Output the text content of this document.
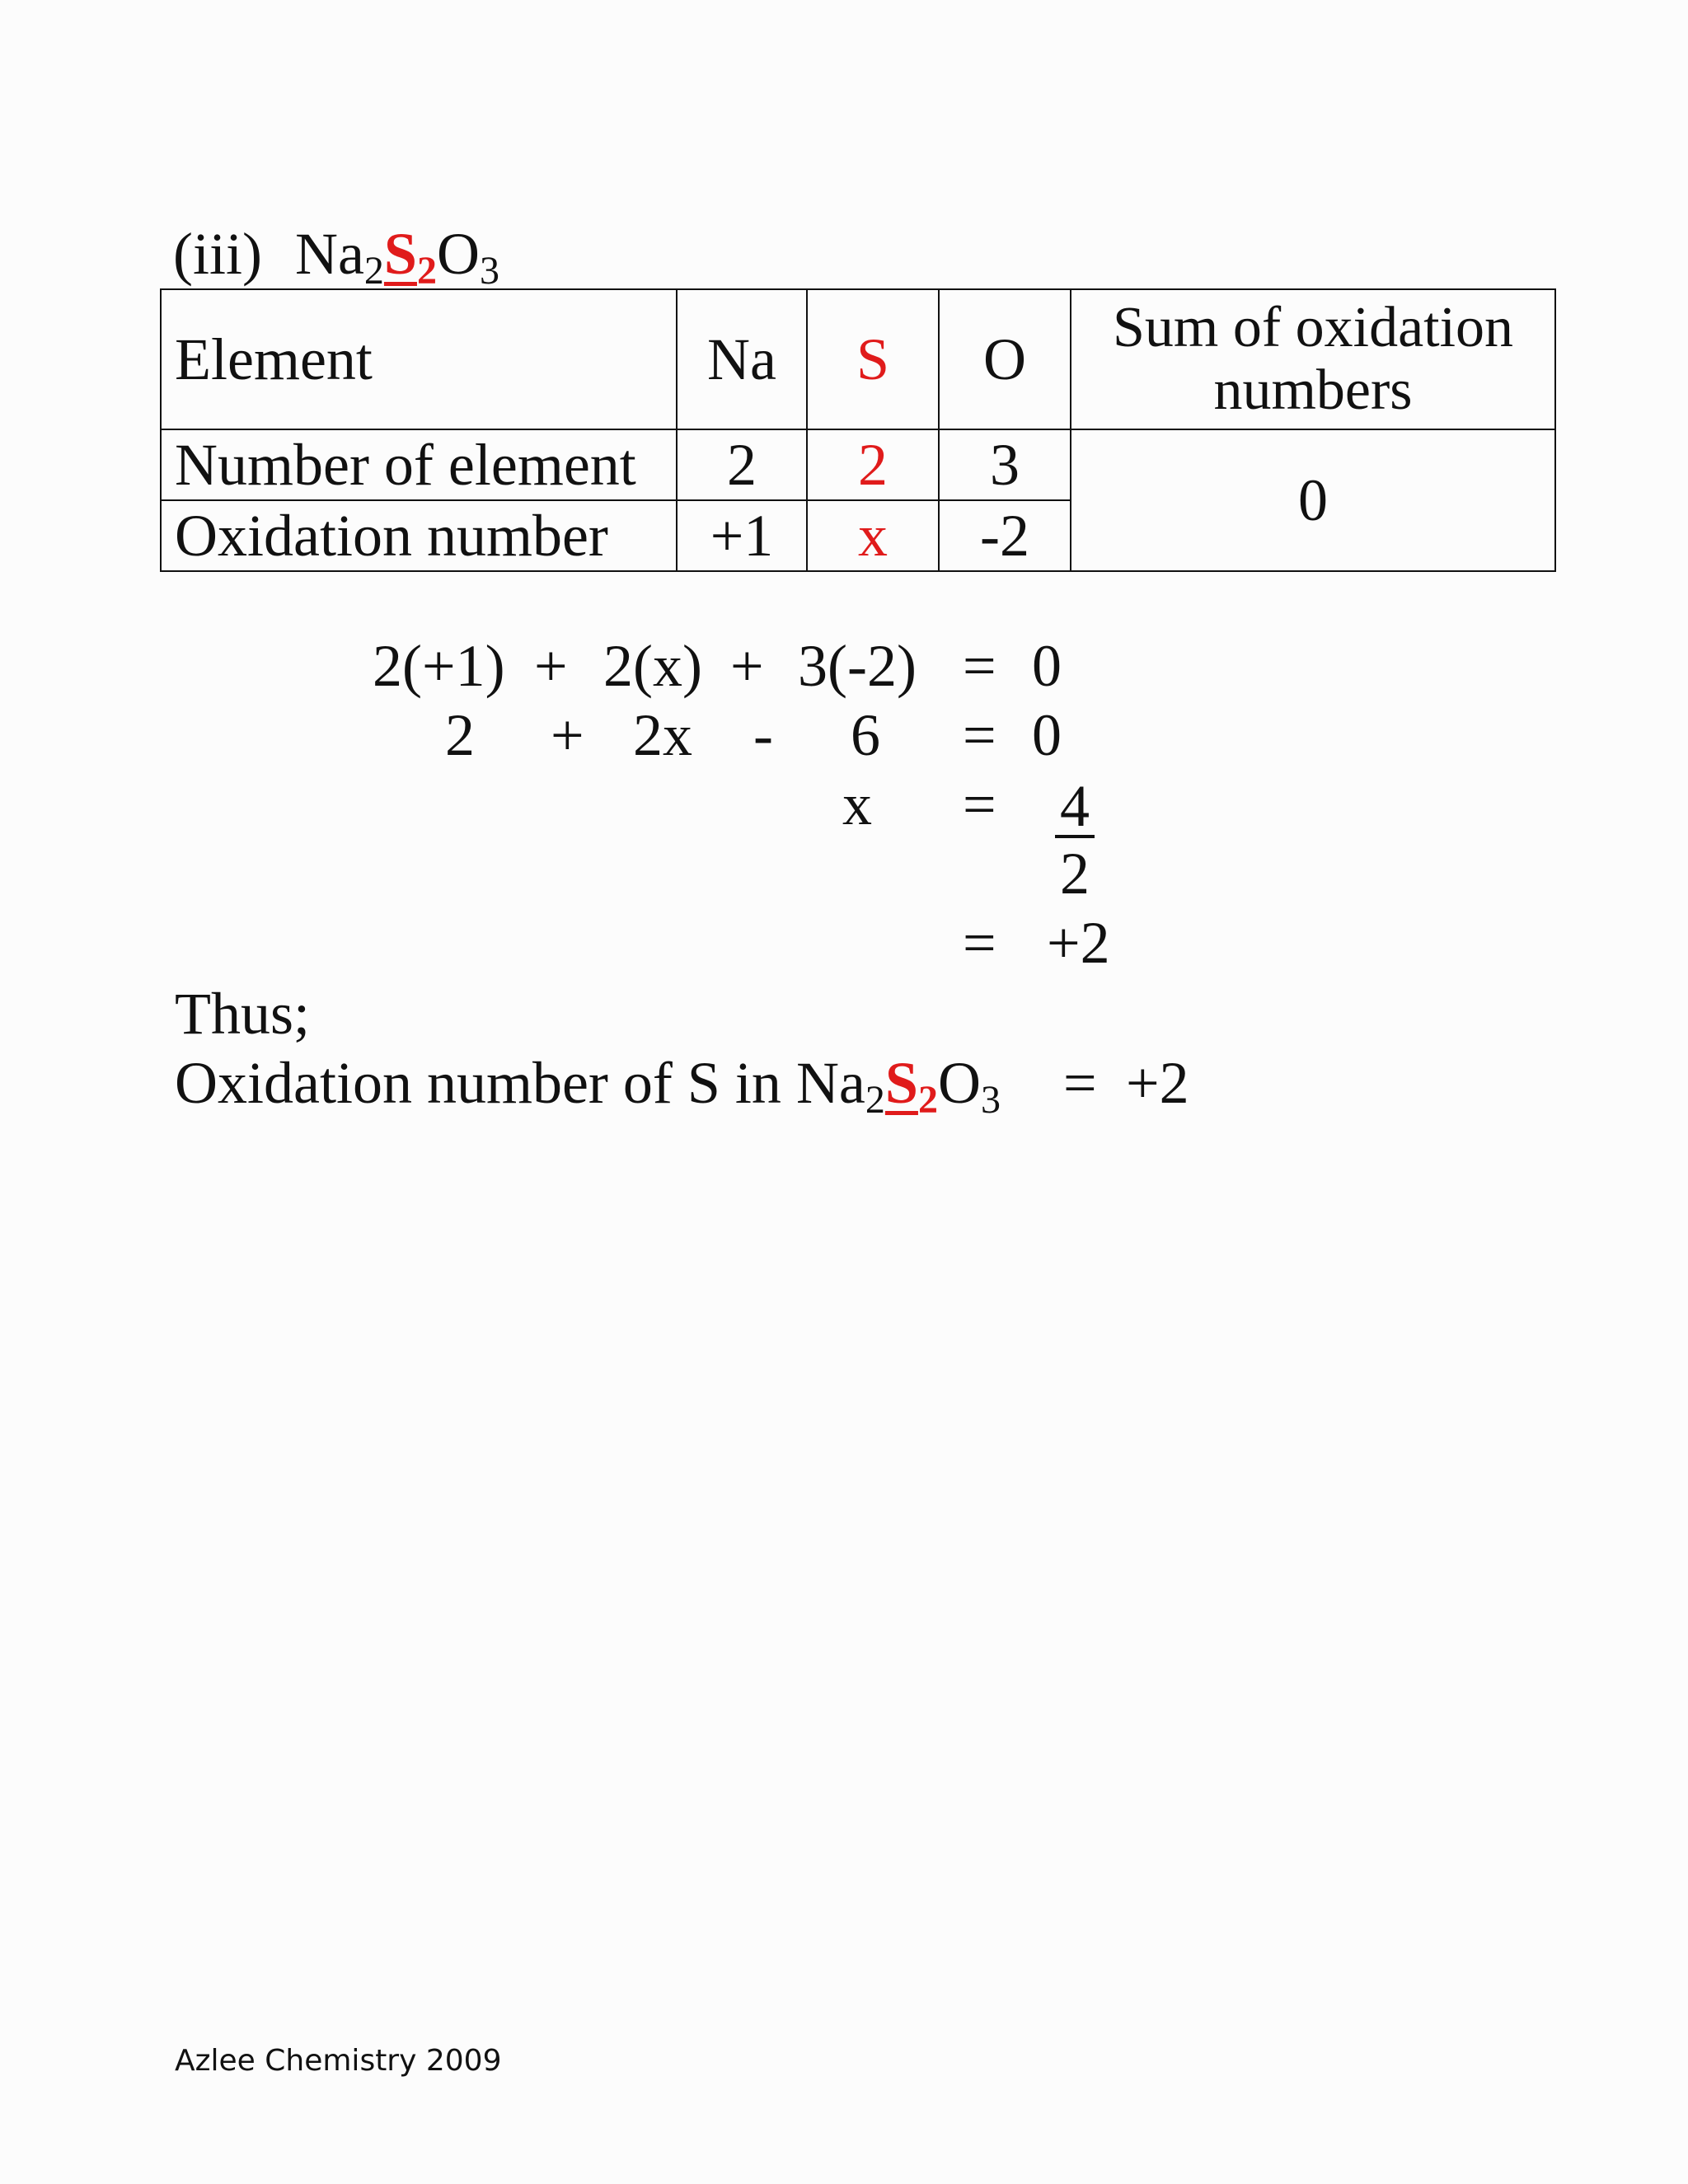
(iii) $Na_2S_2O_3$
Element	Na	S	O	Sum of oxidation numbers
Number of element	2	2	3	0
Oxidation number	+1	x	-2	
2(+1) + 2(x) + 3(-2) = 0
2 + 2x - 6 = 0
x = 4
2
= +2
Thus;
Oxidation number of S in $Na_2S_2O_3 = +2$
Azlee Chemistry 2009
